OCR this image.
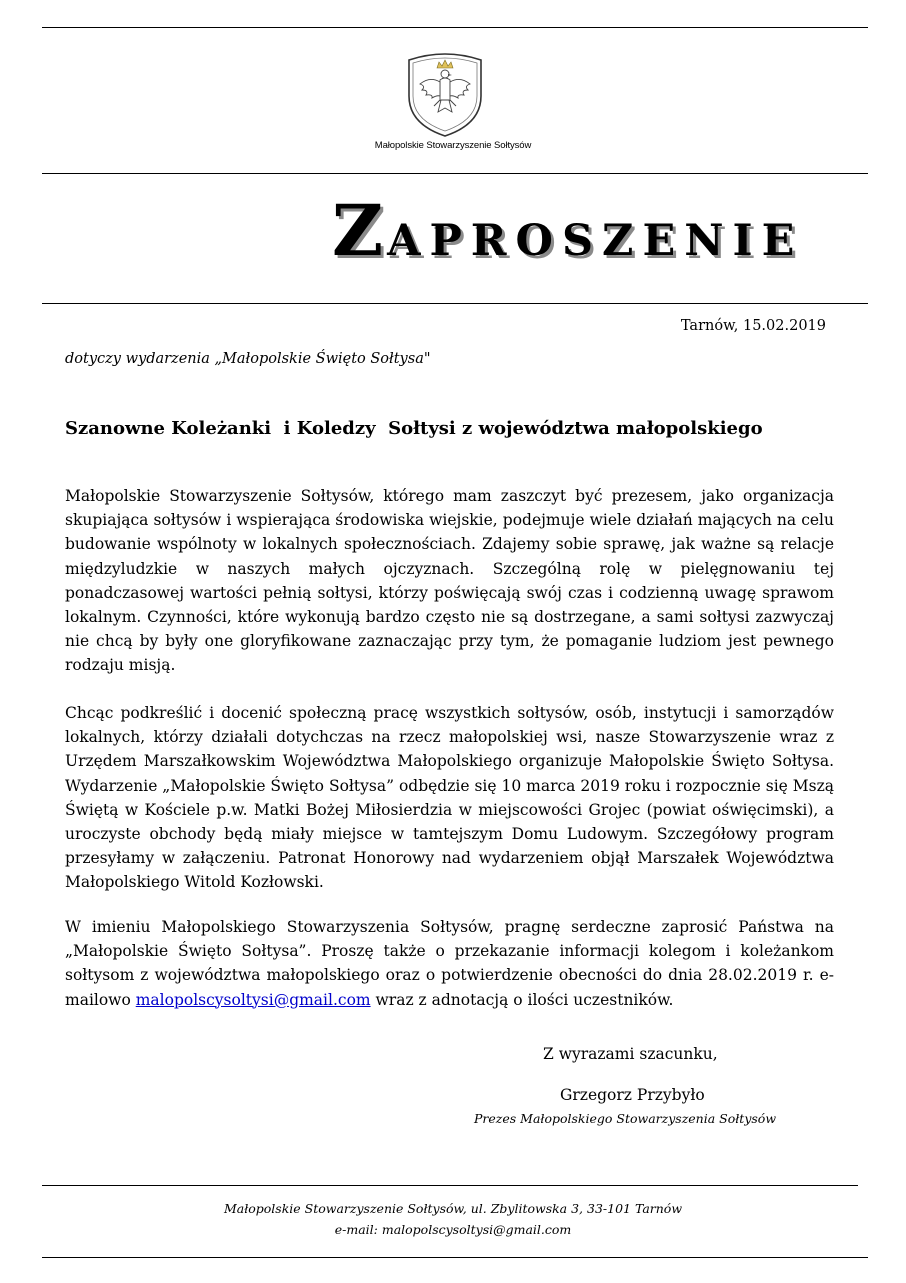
Małopolskie Stowarzyszenie Sołtysów
ZAPROSZENIE
Tarnów, 15.02.2019
dotyczy wydarzenia „Małopolskie Święto Sołtysa"
Szanowne Koleżanki  i Koledzy  Sołtysi z województwa małopolskiego

Małopolskie Stowarzyszenie Sołtysów, którego mam zaszczyt być prezesem, jako organizacja skupiająca sołtysów i wspierająca środowiska wiejskie, podejmuje wiele działań mających na celu budowanie wspólnoty w lokalnych społecznościach. Zdajemy sobie sprawę, jak ważne są relacje międzyludzkie w naszych małych ojczyznach. Szczególną rolę w pielęgnowaniu tej ponadczasowej wartości pełnią sołtysi, którzy poświęcają swój czas i codzienną uwagę sprawom lokalnym. Czynności, które wykonują bardzo często nie są dostrzegane, a sami sołtysi zazwyczaj nie chcą by były one gloryfikowane zaznaczając przy tym, że pomaganie ludziom jest pewnego rodzaju misją.

Chcąc podkreślić i docenić społeczną pracę wszystkich sołtysów, osób, instytucji i samorządów lokalnych, którzy działali dotychczas na rzecz małopolskiej wsi, nasze Stowarzyszenie wraz z Urzędem Marszałkowskim Województwa Małopolskiego organizuje Małopolskie Święto Sołtysa. Wydarzenie „Małopolskie Święto Sołtysa” odbędzie się 10 marca 2019 roku i rozpocznie się Mszą Świętą w Kościele p.w. Matki Bożej Miłosierdzia w miejscowości Grojec (powiat oświęcimski), a uroczyste obchody będą miały miejsce w tamtejszym Domu Ludowym. Szczegółowy program przesyłamy w załączeniu. Patronat Honorowy nad wydarzeniem objął Marszałek Województwa Małopolskiego Witold Kozłowski.

W imieniu Małopolskiego Stowarzyszenia Sołtysów, pragnę serdeczne zaprosić Państwa na „Małopolskie Święto Sołtysa”. Proszę także o przekazanie informacji kolegom i koleżankom sołtysom z województwa małopolskiego oraz o potwierdzenie obecności do dnia 28.02.2019 r. e-mailowo malopolscysoltysi@gmail.com wraz z adnotacją o ilości uczestników.

Z wyrazami szacunku,
Grzegorz Przybyło
Prezes Małopolskiego Stowarzyszenia Sołtysów
Małopolskie Stowarzyszenie Sołtysów, ul. Zbylitowska 3, 33-101 Tarnów
e-mail: malopolscysoltysi@gmail.com
